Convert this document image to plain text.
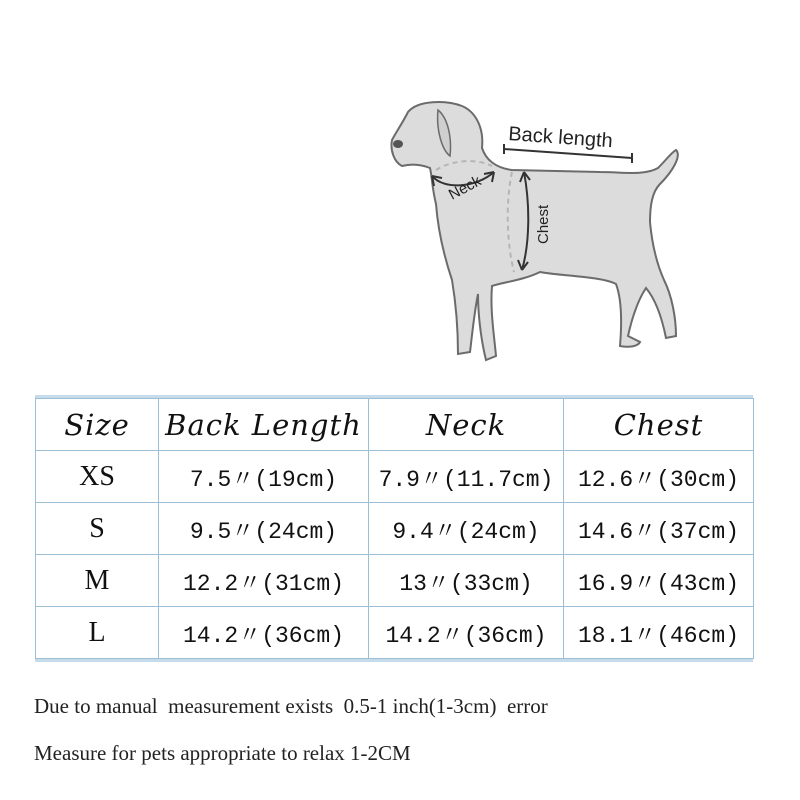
Back length
Neck
Chest
Size	Back Length	Neck	Chest
XS	7.5〃(19cm)	7.9〃(11.7cm)	12.6〃(30cm)
S	9.5〃(24cm)	9.4〃(24cm)	14.6〃(37cm)
M	12.2〃(31cm)	13〃(33cm)	16.9〃(43cm)
L	14.2〃(36cm)	14.2〃(36cm)	18.1〃(46cm)
Due to manual  measurement exists  0.5-1 inch(1-3cm)  error
Measure for pets appropriate to relax 1-2CM
